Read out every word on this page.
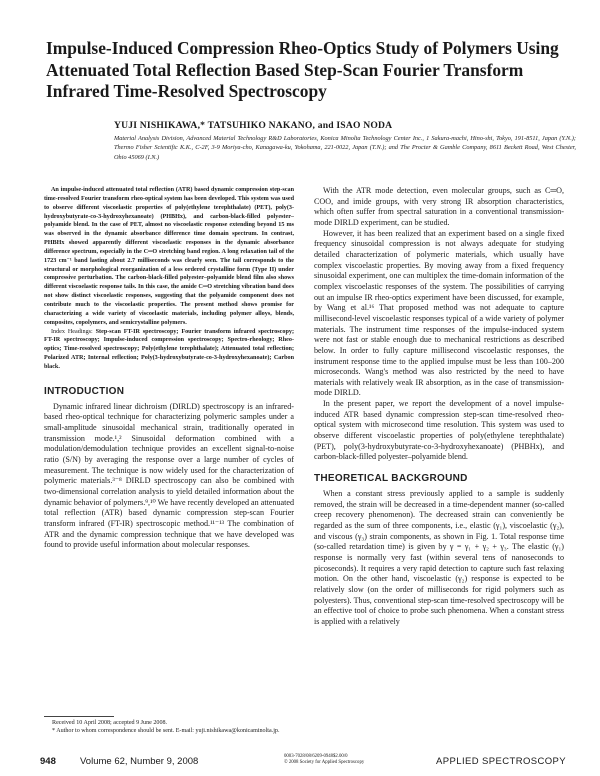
Impulse-Induced Compression Rheo-Optics Study of Polymers Using Attenuated Total Reflection Based Step-Scan Fourier Transform Infrared Time-Resolved Spectroscopy

YUJI NISHIKAWA,* TATSUHIKO NAKANO, and ISAO NODA

Material Analysis Division, Advanced Material Technology R&D Laboratories, Konica Minolta Technology Center Inc., 1 Sakura-machi, Hino-shi, Tokyo, 191-8511, Japan (Y.N.); Thermo Fisher Scientific K.K., C-2F, 3-9 Moriya-cho, Kanagawa-ku, Yokohama, 221-0022, Japan (T.N.); and The Procter & Gamble Company, 8611 Beckett Road, West Chester, Ohio 45069 (I.N.)

An impulse-induced attenuated total reflection (ATR) based dynamic compression step-scan time-resolved Fourier transform rheo-optical system has been developed. This system was used to observe different viscoelastic properties of poly(ethylene terephthalate) (PET), poly(3-hydroxybutyrate-co-3-hydroxyhexanoate) (PHBHx), and carbon-black-filled polyester–polyamide blend. In the case of PET, almost no viscoelastic response extending beyond 15 ms was observed in the dynamic absorbance difference time domain spectrum. In contrast, PHBHx showed apparently different viscoelastic responses in the dynamic absorbance difference spectrum, especially in the C═O stretching band region. A long relaxation tail of the 1723 cm⁻¹ band lasting about 2.7 milliseconds was clearly seen. The tail corresponds to the structural or morphological reorganization of a less ordered crystalline form (Type II) under compressive perturbation. The carbon-black-filled polyester–polyamide blend film also shows different viscoelastic response tails. In this case, the amide C═O stretching vibration band does not show distinct viscoelastic responses, suggesting that the polyamide component does not contribute much to the viscoelastic properties. The present method shows promise for characterizing a wide variety of viscoelastic materials, including polymer alloys, blends, composites, copolymers, and semicrystalline polymers.

Index Headings: Step-scan FT-IR spectroscopy; Fourier transform infrared spectroscopy; FT-IR spectroscopy; Impulse-induced compression spectroscopy; Spectro-rheology; Rheo-optics; Time-resolved spectroscopy; Poly(ethylene terephthalate); Attenuated total reflection; Polarized ATR; Internal reflection; Poly(3-hydroxybutyrate-co-3-hydroxyhexanoate); Carbon black.

INTRODUCTION

Dynamic infrared linear dichroism (DIRLD) spectroscopy is an infrared-based rheo-optical technique for characterizing polymeric samples under a small-amplitude sinusoidal mechanical strain, traditionally operated in transmission mode.¹,² Sinusoidal deformation combined with a modulation/demodulation technique provides an excellent signal-to-noise ratio (S/N) by averaging the response over a large number of cycles of measurement. The technique is now widely used for the characterization of polymeric materials.³⁻⁸ DIRLD spectroscopy can also be combined with two-dimensional correlation analysis to yield detailed information about the dynamic behavior of polymers.⁹,¹⁰ We have recently developed an attenuated total reflection (ATR) based dynamic compression step-scan Fourier transform infrared (FT-IR) spectroscopic method.¹¹⁻¹³ The combination of ATR and the dynamic compression technique that we have developed was found to provide useful information about molecular responses.

With the ATR mode detection, even molecular groups, such as C═O, COO, and imide groups, with very strong IR absorption characteristics, which often suffer from spectral saturation in a conventional transmission-mode DIRLD experiment, can be studied.

However, it has been realized that an experiment based on a single fixed frequency sinusoidal compression is not always adequate for studying detailed characterization of polymeric materials, which usually have complex viscoelastic properties. By moving away from a fixed frequency sinusoidal experiment, one can multiplex the time-domain information of the complex viscoelastic responses of the system. The possibilities of carrying out an impulse IR rheo-optics experiment have been discussed, for example, by Wang et al.¹⁶ That proposed method was not adequate to capture millisecond-level viscoelastic responses typical of a wide variety of polymer materials. The instrument time responses of the impulse-induced system were not fast or stable enough due to mechanical restrictions as described below. In order to fully capture millisecond viscoelastic responses, the instrument response time to the applied impulse must be less than 100–200 microseconds. Wang's method was also restricted by the need to have materials with relatively weak IR absorption, as in the case of transmission-mode DIRLD.

In the present paper, we report the development of a novel impulse-induced ATR based dynamic compression step-scan time-resolved rheo-optical system with microsecond time resolution. This system was used to observe different viscoelastic properties of poly(ethylene terephthalate) (PET), poly(3-hydroxybutyrate-co-3-hydroxyhexanoate) (PHBHx), and carbon-black-filled polyester–polyamide blend.

THEORETICAL BACKGROUND

When a constant stress previously applied to a sample is suddenly removed, the strain will be decreased in a time-dependent manner (so-called creep recovery phenomenon). The decreased strain can conveniently be regarded as the sum of three components, i.e., elastic (γ₁), viscoelastic (γ₂), and viscous (γ₃) strain components, as shown in Fig. 1. Total response time (so-called retardation time) is given by γ = γ₁ + γ₂ + γ₃. The elastic (γ₁) response is normally very fast (within several tens of nanoseconds to picoseconds). It requires a very rapid detection to capture such fast relaxing motion. On the other hand, viscoelastic (γ₂) response is expected to be relatively slow (on the order of milliseconds for rigid polymers such as polyesters). Thus, conventional step-scan time-resolved spectroscopy will be an effective tool of choice to probe such phenomena. When a constant stress is applied with a relatively

Received 10 April 2008; accepted 9 June 2008.
* Author to whom correspondence should be sent. E-mail: yuji.nishikawa@konicaminolta.jp.
948	Volume 62, Number 9, 2008	0003-7028/08/6209-0948$2.00/0
© 2008 Society for Applied Spectroscopy	APPLIED SPECTROSCOPY
